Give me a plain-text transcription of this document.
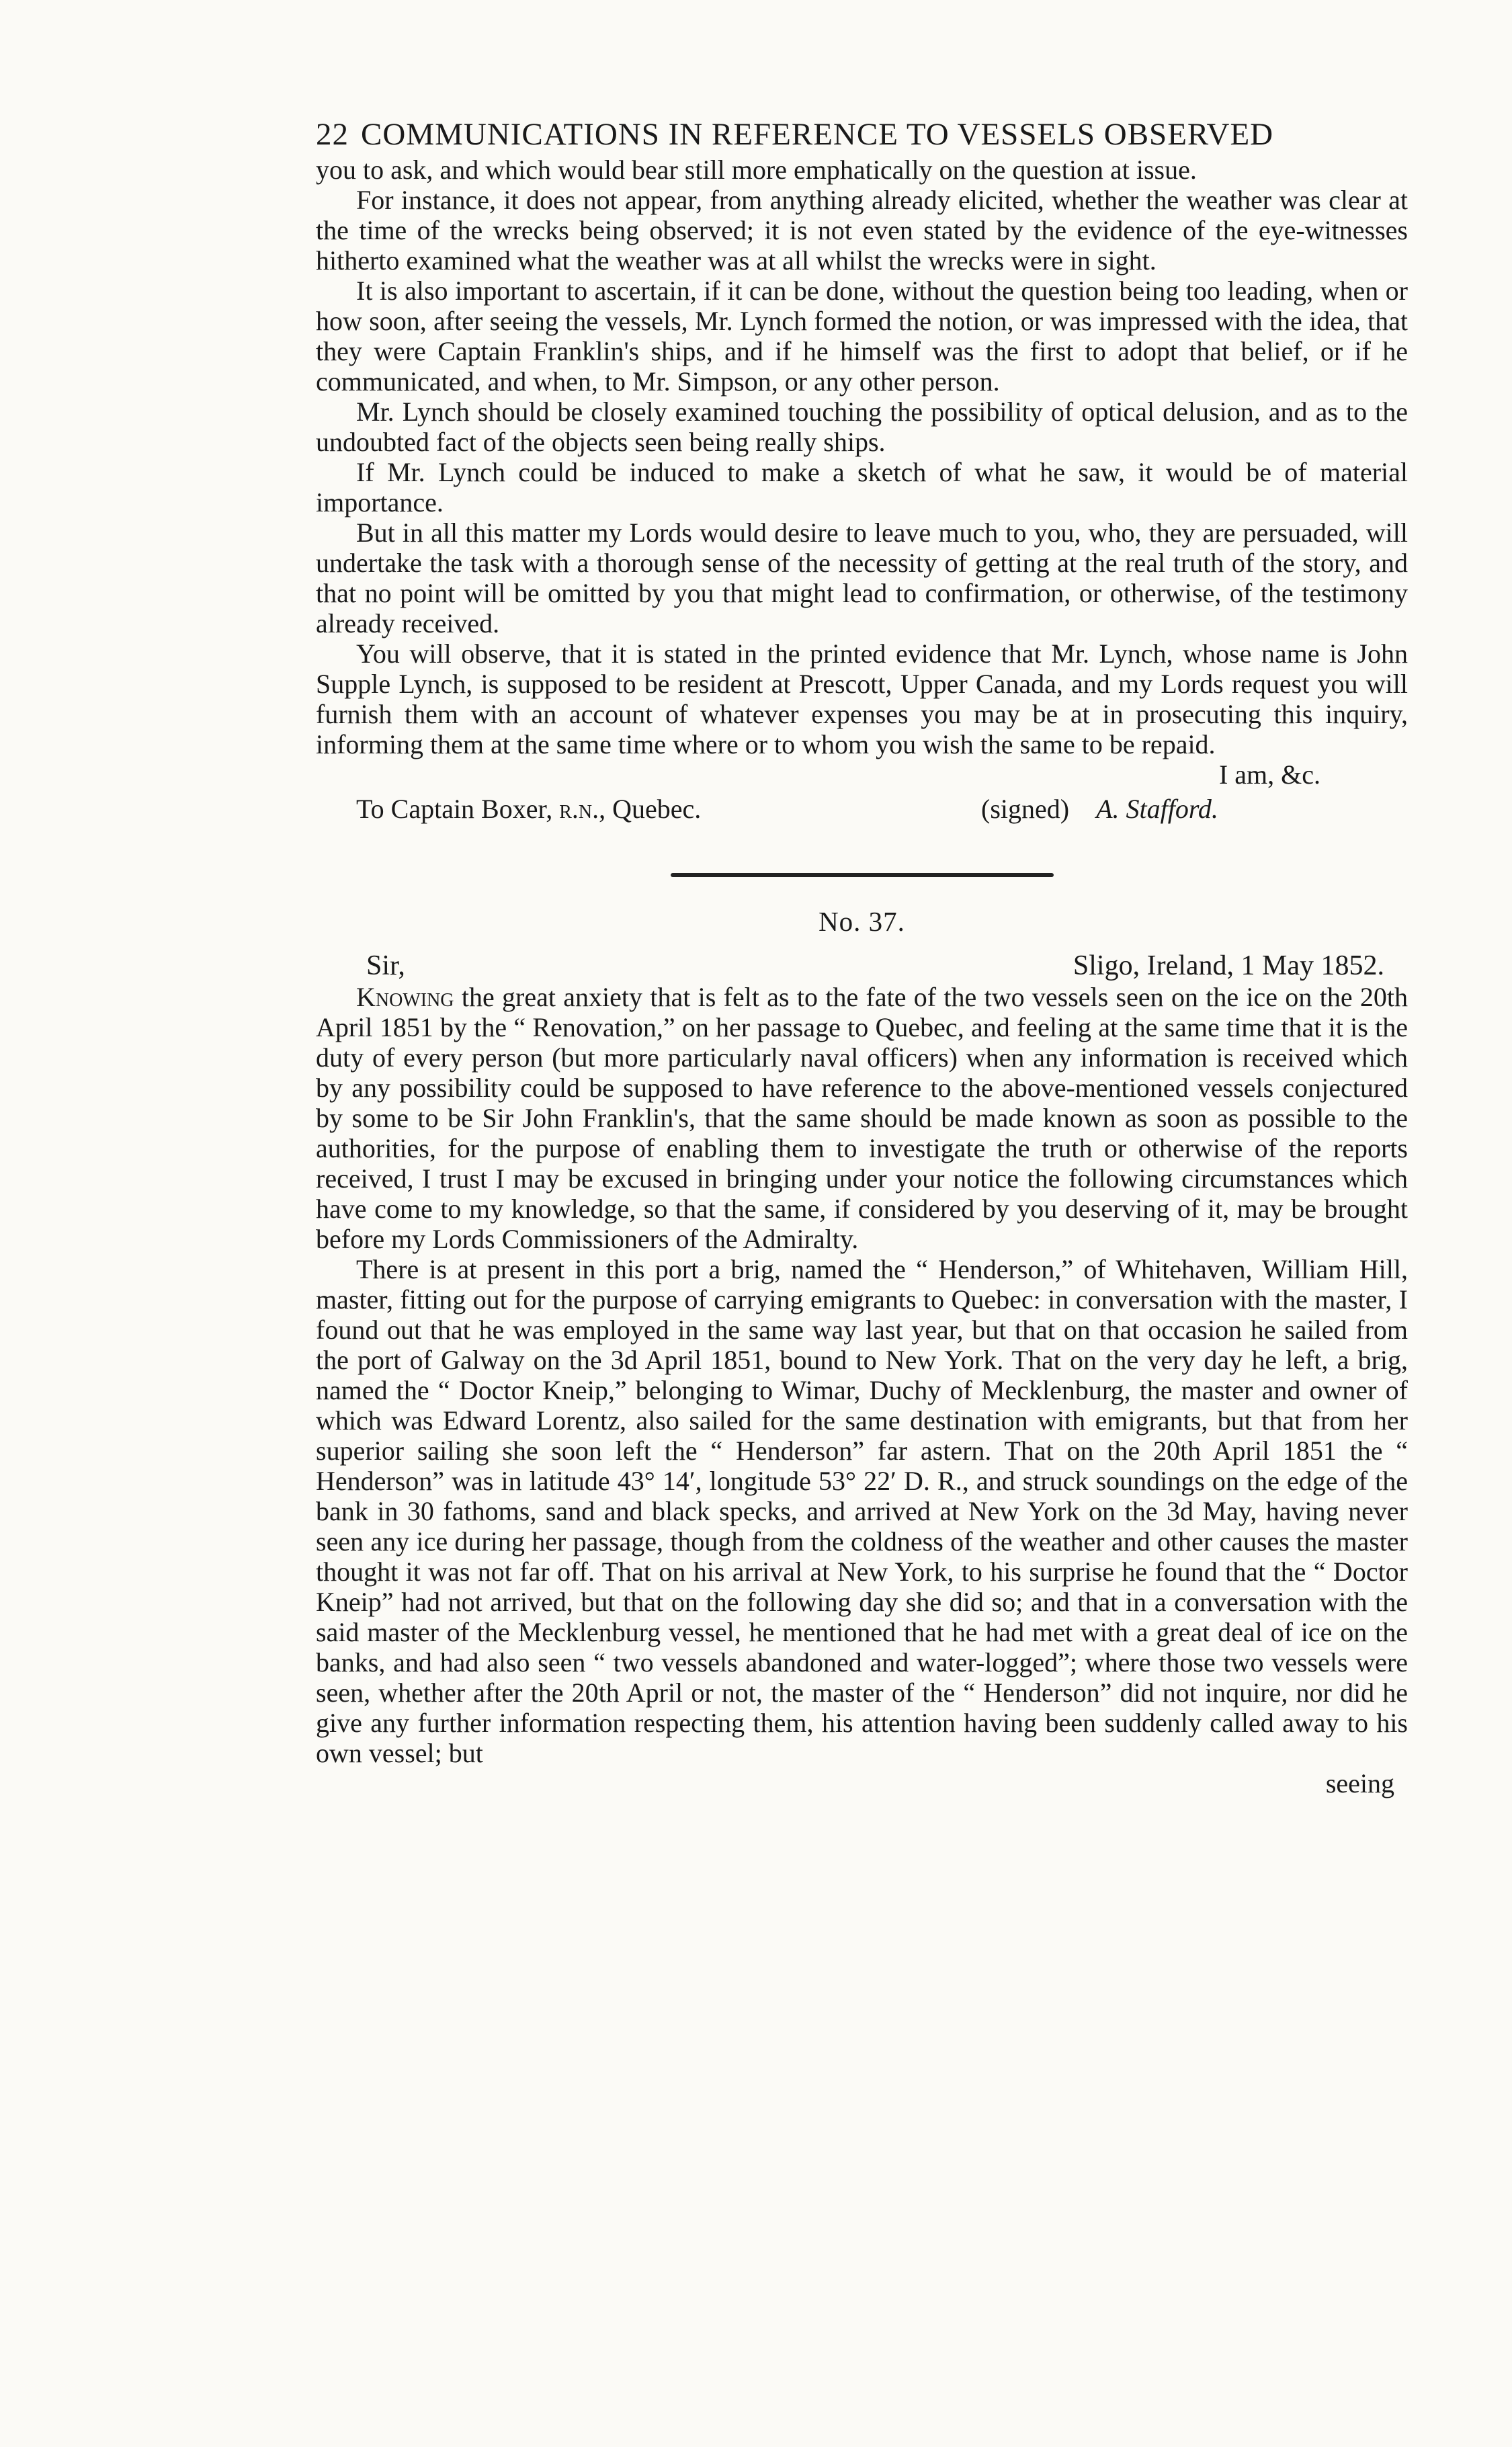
22 COMMUNICATIONS IN REFERENCE TO VESSELS OBSERVED

you to ask, and which would bear still more emphatically on the question at issue.

For instance, it does not appear, from anything already elicited, whether the weather was clear at the time of the wrecks being observed; it is not even stated by the evidence of the eye-witnesses hitherto examined what the weather was at all whilst the wrecks were in sight.

It is also important to ascertain, if it can be done, without the question being too leading, when or how soon, after seeing the vessels, Mr. Lynch formed the notion, or was impressed with the idea, that they were Captain Franklin's ships, and if he himself was the first to adopt that belief, or if he communicated, and when, to Mr. Simpson, or any other person.

Mr. Lynch should be closely examined touching the possibility of optical delusion, and as to the undoubted fact of the objects seen being really ships.

If Mr. Lynch could be induced to make a sketch of what he saw, it would be of material importance.

But in all this matter my Lords would desire to leave much to you, who, they are persuaded, will undertake the task with a thorough sense of the necessity of getting at the real truth of the story, and that no point will be omitted by you that might lead to confirmation, or otherwise, of the testimony already received.

You will observe, that it is stated in the printed evidence that Mr. Lynch, whose name is John Supple Lynch, is supposed to be resident at Prescott, Upper Canada, and my Lords request you will furnish them with an account of whatever expenses you may be at in prosecuting this inquiry, informing them at the same time where or to whom you wish the same to be repaid.

I am, &c.
To Captain Boxer, r.n., Quebec.	(signed) A. Stafford.
No. 37.
Sir,	Sligo, Ireland, 1 May 1852.

Knowing the great anxiety that is felt as to the fate of the two vessels seen on the ice on the 20th April 1851 by the “ Renovation,” on her passage to Quebec, and feeling at the same time that it is the duty of every person (but more particularly naval officers) when any information is received which by any possibility could be supposed to have reference to the above-mentioned vessels conjectured by some to be Sir John Franklin's, that the same should be made known as soon as possible to the authorities, for the purpose of enabling them to investigate the truth or otherwise of the reports received, I trust I may be excused in bringing under your notice the following circumstances which have come to my knowledge, so that the same, if considered by you deserving of it, may be brought before my Lords Commissioners of the Admiralty.

There is at present in this port a brig, named the “ Henderson,” of Whitehaven, William Hill, master, fitting out for the purpose of carrying emigrants to Quebec: in conversation with the master, I found out that he was employed in the same way last year, but that on that occasion he sailed from the port of Galway on the 3d April 1851, bound to New York. That on the very day he left, a brig, named the “ Doctor Kneip,” belonging to Wimar, Duchy of Mecklenburg, the master and owner of which was Edward Lorentz, also sailed for the same destination with emigrants, but that from her superior sailing she soon left the “ Henderson” far astern. That on the 20th April 1851 the “ Henderson” was in latitude 43° 14′, longitude 53° 22′ D. R., and struck soundings on the edge of the bank in 30 fathoms, sand and black specks, and arrived at New York on the 3d May, having never seen any ice during her passage, though from the coldness of the weather and other causes the master thought it was not far off. That on his arrival at New York, to his surprise he found that the “ Doctor Kneip” had not arrived, but that on the following day she did so; and that in a conversation with the said master of the Mecklenburg vessel, he mentioned that he had met with a great deal of ice on the banks, and had also seen “ two vessels abandoned and water-logged”; where those two vessels were seen, whether after the 20th April or not, the master of the “ Henderson” did not inquire, nor did he give any further information respecting them, his attention having been suddenly called away to his own vessel; but

seeing
